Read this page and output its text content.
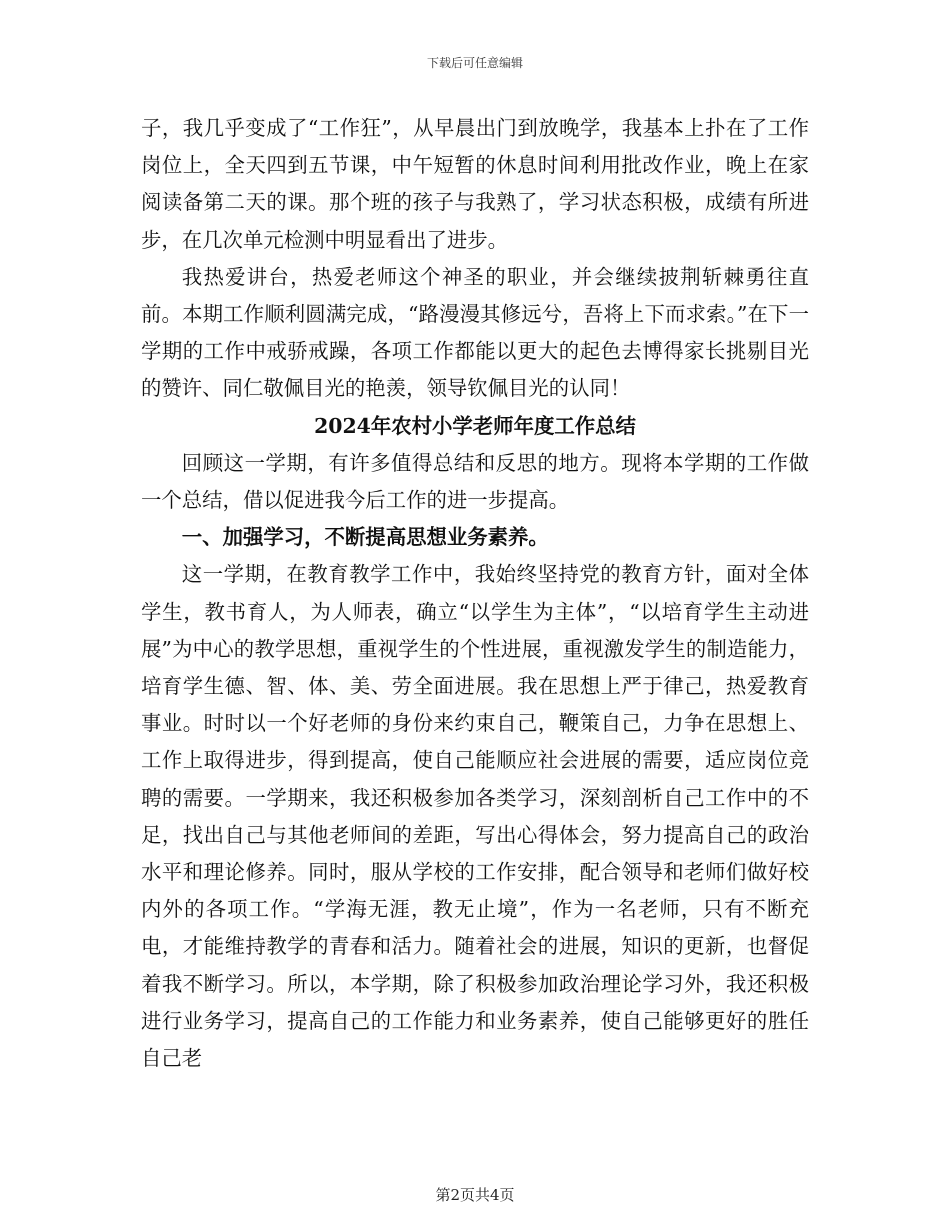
下载后可任意编辑

子，我几乎变成了“工作狂”，从早晨出门到放晚学，我基本上扑在了工作岗位上，全天四到五节课，中午短暂的休息时间利用批改作业，晚上在家阅读备第二天的课。那个班的孩子与我熟了，学习状态积极，成绩有所进步，在几次单元检测中明显看出了进步。

我热爱讲台，热爱老师这个神圣的职业，并会继续披荆斩棘勇往直前。本期工作顺利圆满完成，“路漫漫其修远兮，吾将上下而求索。”在下一学期的工作中戒骄戒躁，各项工作都能以更大的起色去博得家长挑剔目光的赞许、同仁敬佩目光的艳羡，领导钦佩目光的认同！

2024年农村小学老师年度工作总结

回顾这一学期，有许多值得总结和反思的地方。现将本学期的工作做一个总结，借以促进我今后工作的进一步提高。

一、加强学习，不断提高思想业务素养。

这一学期，在教育教学工作中，我始终坚持党的教育方针，面对全体学生，教书育人，为人师表，确立“以学生为主体”，“以培育学生主动进展”为中心的教学思想，重视学生的个性进展，重视激发学生的制造能力，培育学生德、智、体、美、劳全面进展。我在思想上严于律己，热爱教育事业。时时以一个好老师的身份来约束自己，鞭策自己，力争在思想上、工作上取得进步，得到提高，使自己能顺应社会进展的需要，适应岗位竞聘的需要。一学期来，我还积极参加各类学习，深刻剖析自己工作中的不足，找出自己与其他老师间的差距，写出心得体会，努力提高自己的政治水平和理论修养。同时，服从学校的工作安排，配合领导和老师们做好校内外的各项工作。“学海无涯，教无止境”，作为一名老师，只有不断充电，才能维持教学的青春和活力。随着社会的进展，知识的更新，也督促着我不断学习。所以，本学期，除了积极参加政治理论学习外，我还积极进行业务学习，提高自己的工作能力和业务素养，使自己能够更好的胜任自己老

第2页共4页
